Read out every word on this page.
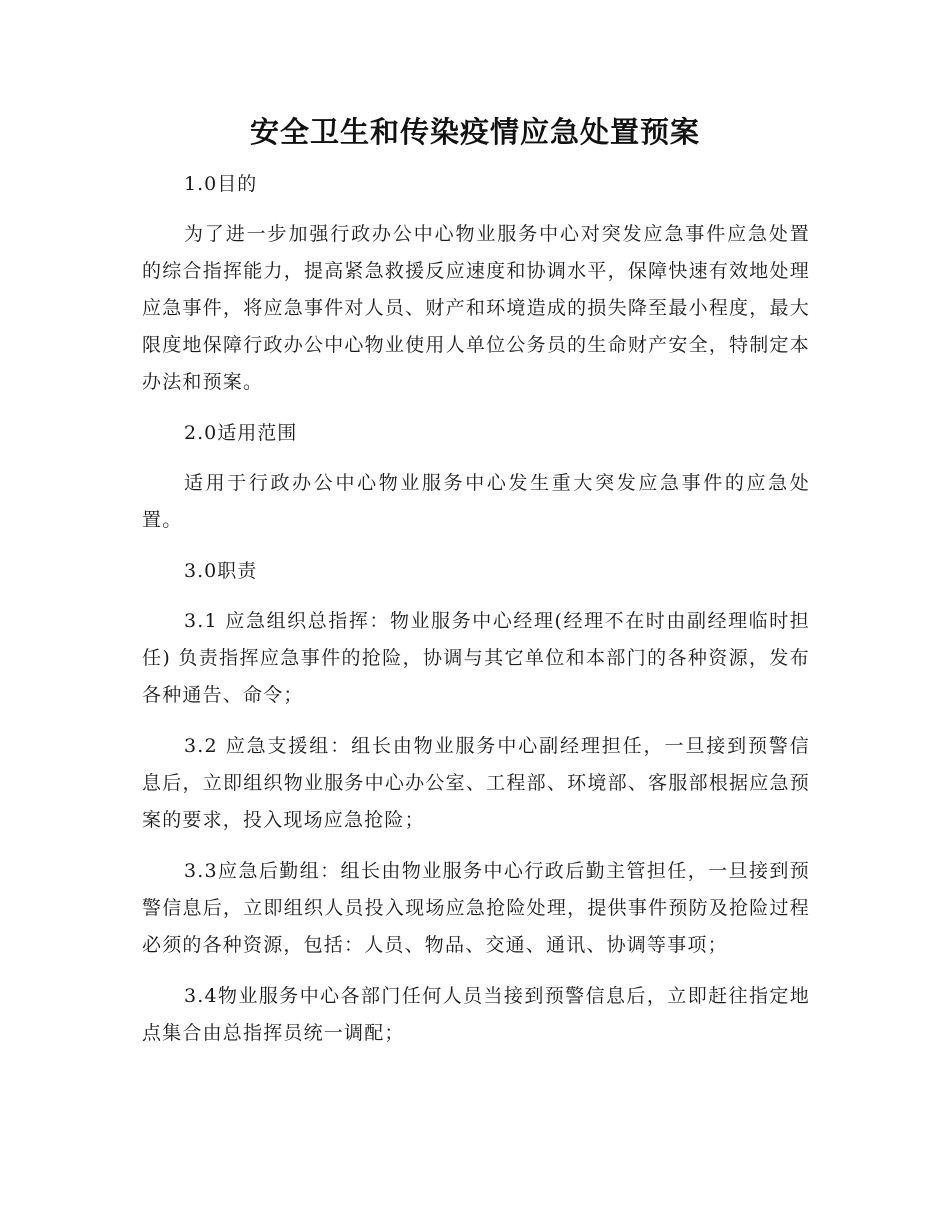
安全卫生和传染疫情应急处置预案

1.0目的

为了进一步加强行政办公中心物业服务中心对突发应急事件应急处置的综合指挥能力，提高紧急救援反应速度和协调水平，保障快速有效地处理应急事件，将应急事件对人员、财产和环境造成的损失降至最小程度，最大限度地保障行政办公中心物业使用人单位公务员的生命财产安全，特制定本办法和预案。

2.0适用范围

适用于行政办公中心物业服务中心发生重大突发应急事件的应急处置。

3.0职责

3.1 应急组织总指挥：物业服务中心经理(经理不在时由副经理临时担任) 负责指挥应急事件的抢险，协调与其它单位和本部门的各种资源，发布各种通告、命令；

3.2 应急支援组：组长由物业服务中心副经理担任，一旦接到预警信息后，立即组织物业服务中心办公室、工程部、环境部、客服部根据应急预案的要求，投入现场应急抢险；

3.3应急后勤组：组长由物业服务中心行政后勤主管担任，一旦接到预警信息后，立即组织人员投入现场应急抢险处理，提供事件预防及抢险过程必须的各种资源，包括：人员、物品、交通、通讯、协调等事项；

3.4物业服务中心各部门任何人员当接到预警信息后，立即赶往指定地点集合由总指挥员统一调配；
